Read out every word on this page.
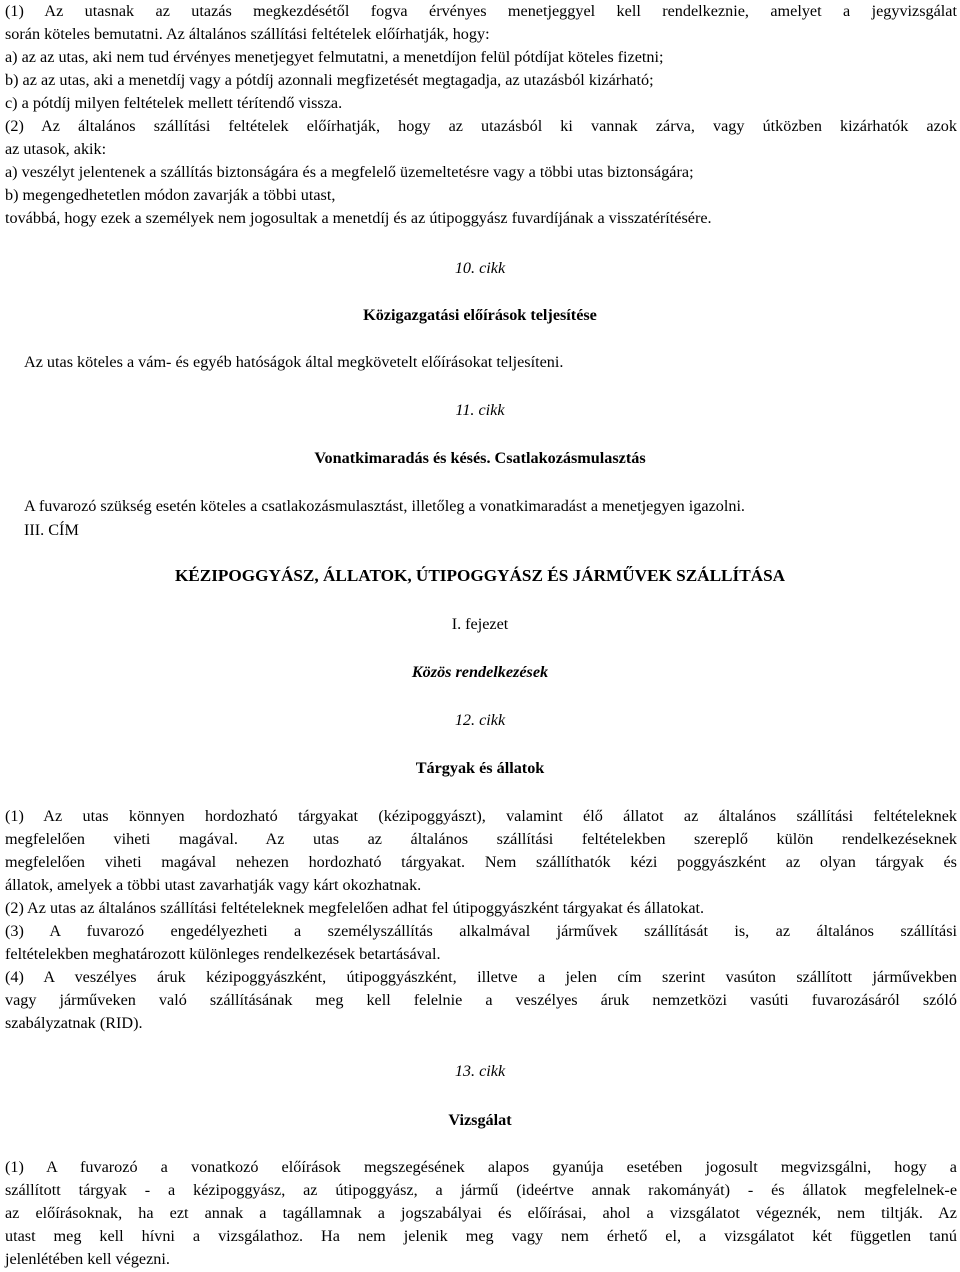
(1) Az utasnak az utazás megkezdésétől fogva érvényes menetjeggyel kell rendelkeznie, amelyet a jegyvizsgálat
során köteles bemutatni. Az általános szállítási feltételek előírhatják, hogy:
a) az az utas, aki nem tud érvényes menetjegyet felmutatni, a menetdíjon felül pótdíjat köteles fizetni;
b) az az utas, aki a menetdíj vagy a pótdíj azonnali megfizetését megtagadja, az utazásból kizárható;
c) a pótdíj milyen feltételek mellett térítendő vissza.
(2) Az általános szállítási feltételek előírhatják, hogy az utazásból ki vannak zárva, vagy útközben kizárhatók azok
az utasok, akik:
a) veszélyt jelentenek a szállítás biztonságára és a megfelelő üzemeltetésre vagy a többi utas biztonságára;
b) megengedhetetlen módon zavarják a többi utast,
továbbá, hogy ezek a személyek nem jogosultak a menetdíj és az útipoggyász fuvardíjának a visszatérítésére.
10. cikk
Közigazgatási előírások teljesítése
Az utas köteles a vám- és egyéb hatóságok által megkövetelt előírásokat teljesíteni.
11. cikk
Vonatkimaradás és késés. Csatlakozásmulasztás
A fuvarozó szükség esetén köteles a csatlakozásmulasztást, illetőleg a vonatkimaradást a menetjegyen igazolni.
III. CÍM
KÉZIPOGGYÁSZ, ÁLLATOK, ÚTIPOGGYÁSZ ÉS JÁRMŰVEK SZÁLLÍTÁSA
I. fejezet
Közös rendelkezések
12. cikk
Tárgyak és állatok
(1) Az utas könnyen hordozható tárgyakat (kézipoggyászt), valamint élő állatot az általános szállítási feltételeknek
megfelelően viheti magával. Az utas az általános szállítási feltételekben szereplő külön rendelkezéseknek
megfelelően viheti magával nehezen hordozható tárgyakat. Nem szállíthatók kézi poggyászként az olyan tárgyak és
állatok, amelyek a többi utast zavarhatják vagy kárt okozhatnak.
(2) Az utas az általános szállítási feltételeknek megfelelően adhat fel útipoggyászként tárgyakat és állatokat.
(3) A fuvarozó engedélyezheti a személyszállítás alkalmával járművek szállítását is, az általános szállítási
feltételekben meghatározott különleges rendelkezések betartásával.
(4) A veszélyes áruk kézipoggyászként, útipoggyászként, illetve a jelen cím szerint vasúton szállított járművekben
vagy járműveken való szállításának meg kell felelnie a veszélyes áruk nemzetközi vasúti fuvarozásáról szóló
szabályzatnak (RID).
13. cikk
Vizsgálat
(1) A fuvarozó a vonatkozó előírások megszegésének alapos gyanúja esetében jogosult megvizsgálni, hogy a
szállított tárgyak - a kézipoggyász, az útipoggyász, a jármű (ideértve annak rakományát) - és állatok megfelelnek-e
az előírásoknak, ha ezt annak a tagállamnak a jogszabályai és előírásai, ahol a vizsgálatot végeznék, nem tiltják. Az
utast meg kell hívni a vizsgálathoz. Ha nem jelenik meg vagy nem érhető el, a vizsgálatot két független tanú
jelenlétében kell végezni.
